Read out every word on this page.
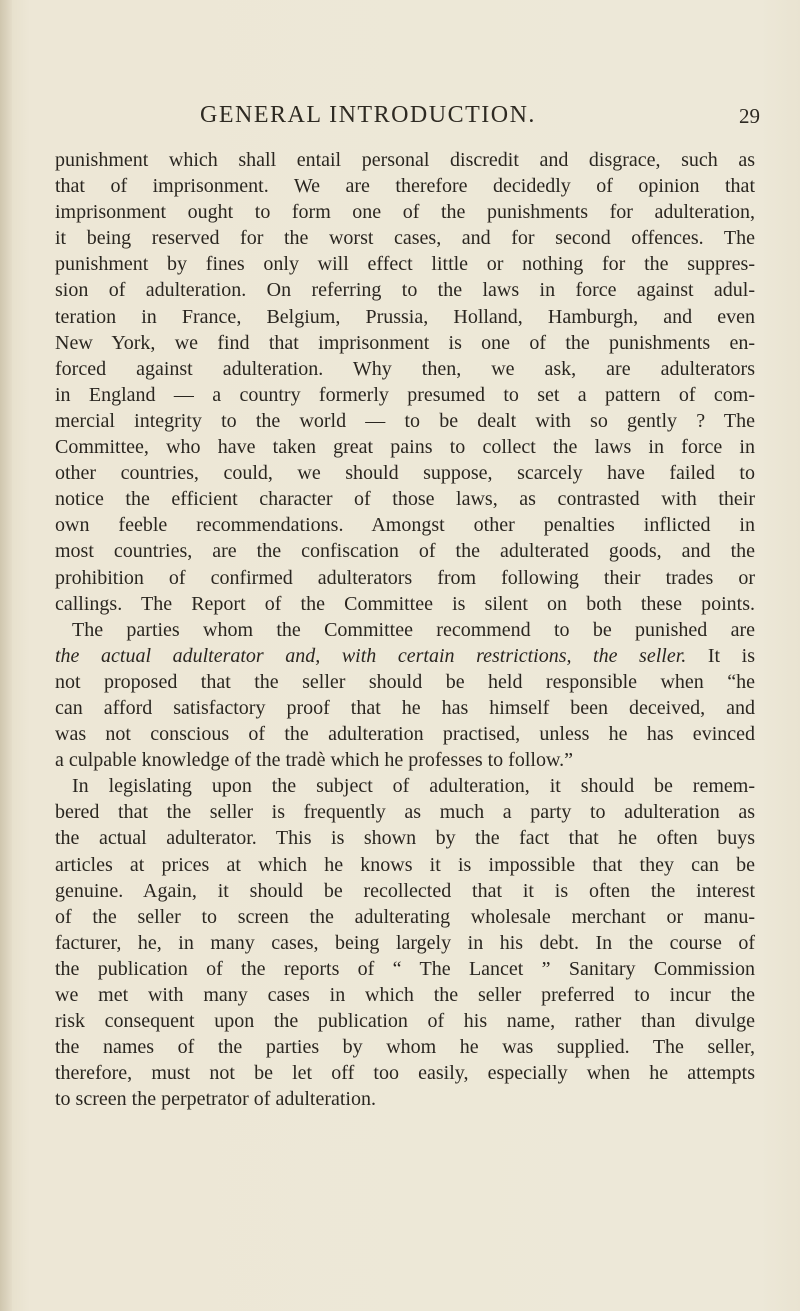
GENERAL INTRODUCTION.	29
punishment which shall entail personal discredit and disgrace, such as
that of imprisonment. We are therefore decidedly of opinion that
imprisonment ought to form one of the punishments for adulteration,
it being reserved for the worst cases, and for second offences. The
punishment by fines only will effect little or nothing for the suppres-
sion of adulteration. On referring to the laws in force against adul-
teration in France, Belgium, Prussia, Holland, Hamburgh, and even
New York, we find that imprisonment is one of the punishments en-
forced against adulteration. Why then, we ask, are adulterators
in England — a country formerly presumed to set a pattern of com-
mercial integrity to the world — to be dealt with so gently ? The
Committee, who have taken great pains to collect the laws in force in
other countries, could, we should suppose, scarcely have failed to
notice the efficient character of those laws, as contrasted with their
own feeble recommendations. Amongst other penalties inflicted in
most countries, are the confiscation of the adulterated goods, and the
prohibition of confirmed adulterators from following their trades or
callings. The Report of the Committee is silent on both these points.
The parties whom the Committee recommend to be punished are
the actual adulterator and, with certain restrictions, the seller. It is
not proposed that the seller should be held responsible when “he
can afford satisfactory proof that he has himself been deceived, and
was not conscious of the adulteration practised, unless he has evinced
a culpable knowledge of the tradè which he professes to follow.”
In legislating upon the subject of adulteration, it should be remem-
bered that the seller is frequently as much a party to adulteration as
the actual adulterator. This is shown by the fact that he often buys
articles at prices at which he knows it is impossible that they can be
genuine. Again, it should be recollected that it is often the interest
of the seller to screen the adulterating wholesale merchant or manu-
facturer, he, in many cases, being largely in his debt. In the course of
the publication of the reports of “ The Lancet ” Sanitary Commission
we met with many cases in which the seller preferred to incur the
risk consequent upon the publication of his name, rather than divulge
the names of the parties by whom he was supplied. The seller,
therefore, must not be let off too easily, especially when he attempts
to screen the perpetrator of adulteration.
